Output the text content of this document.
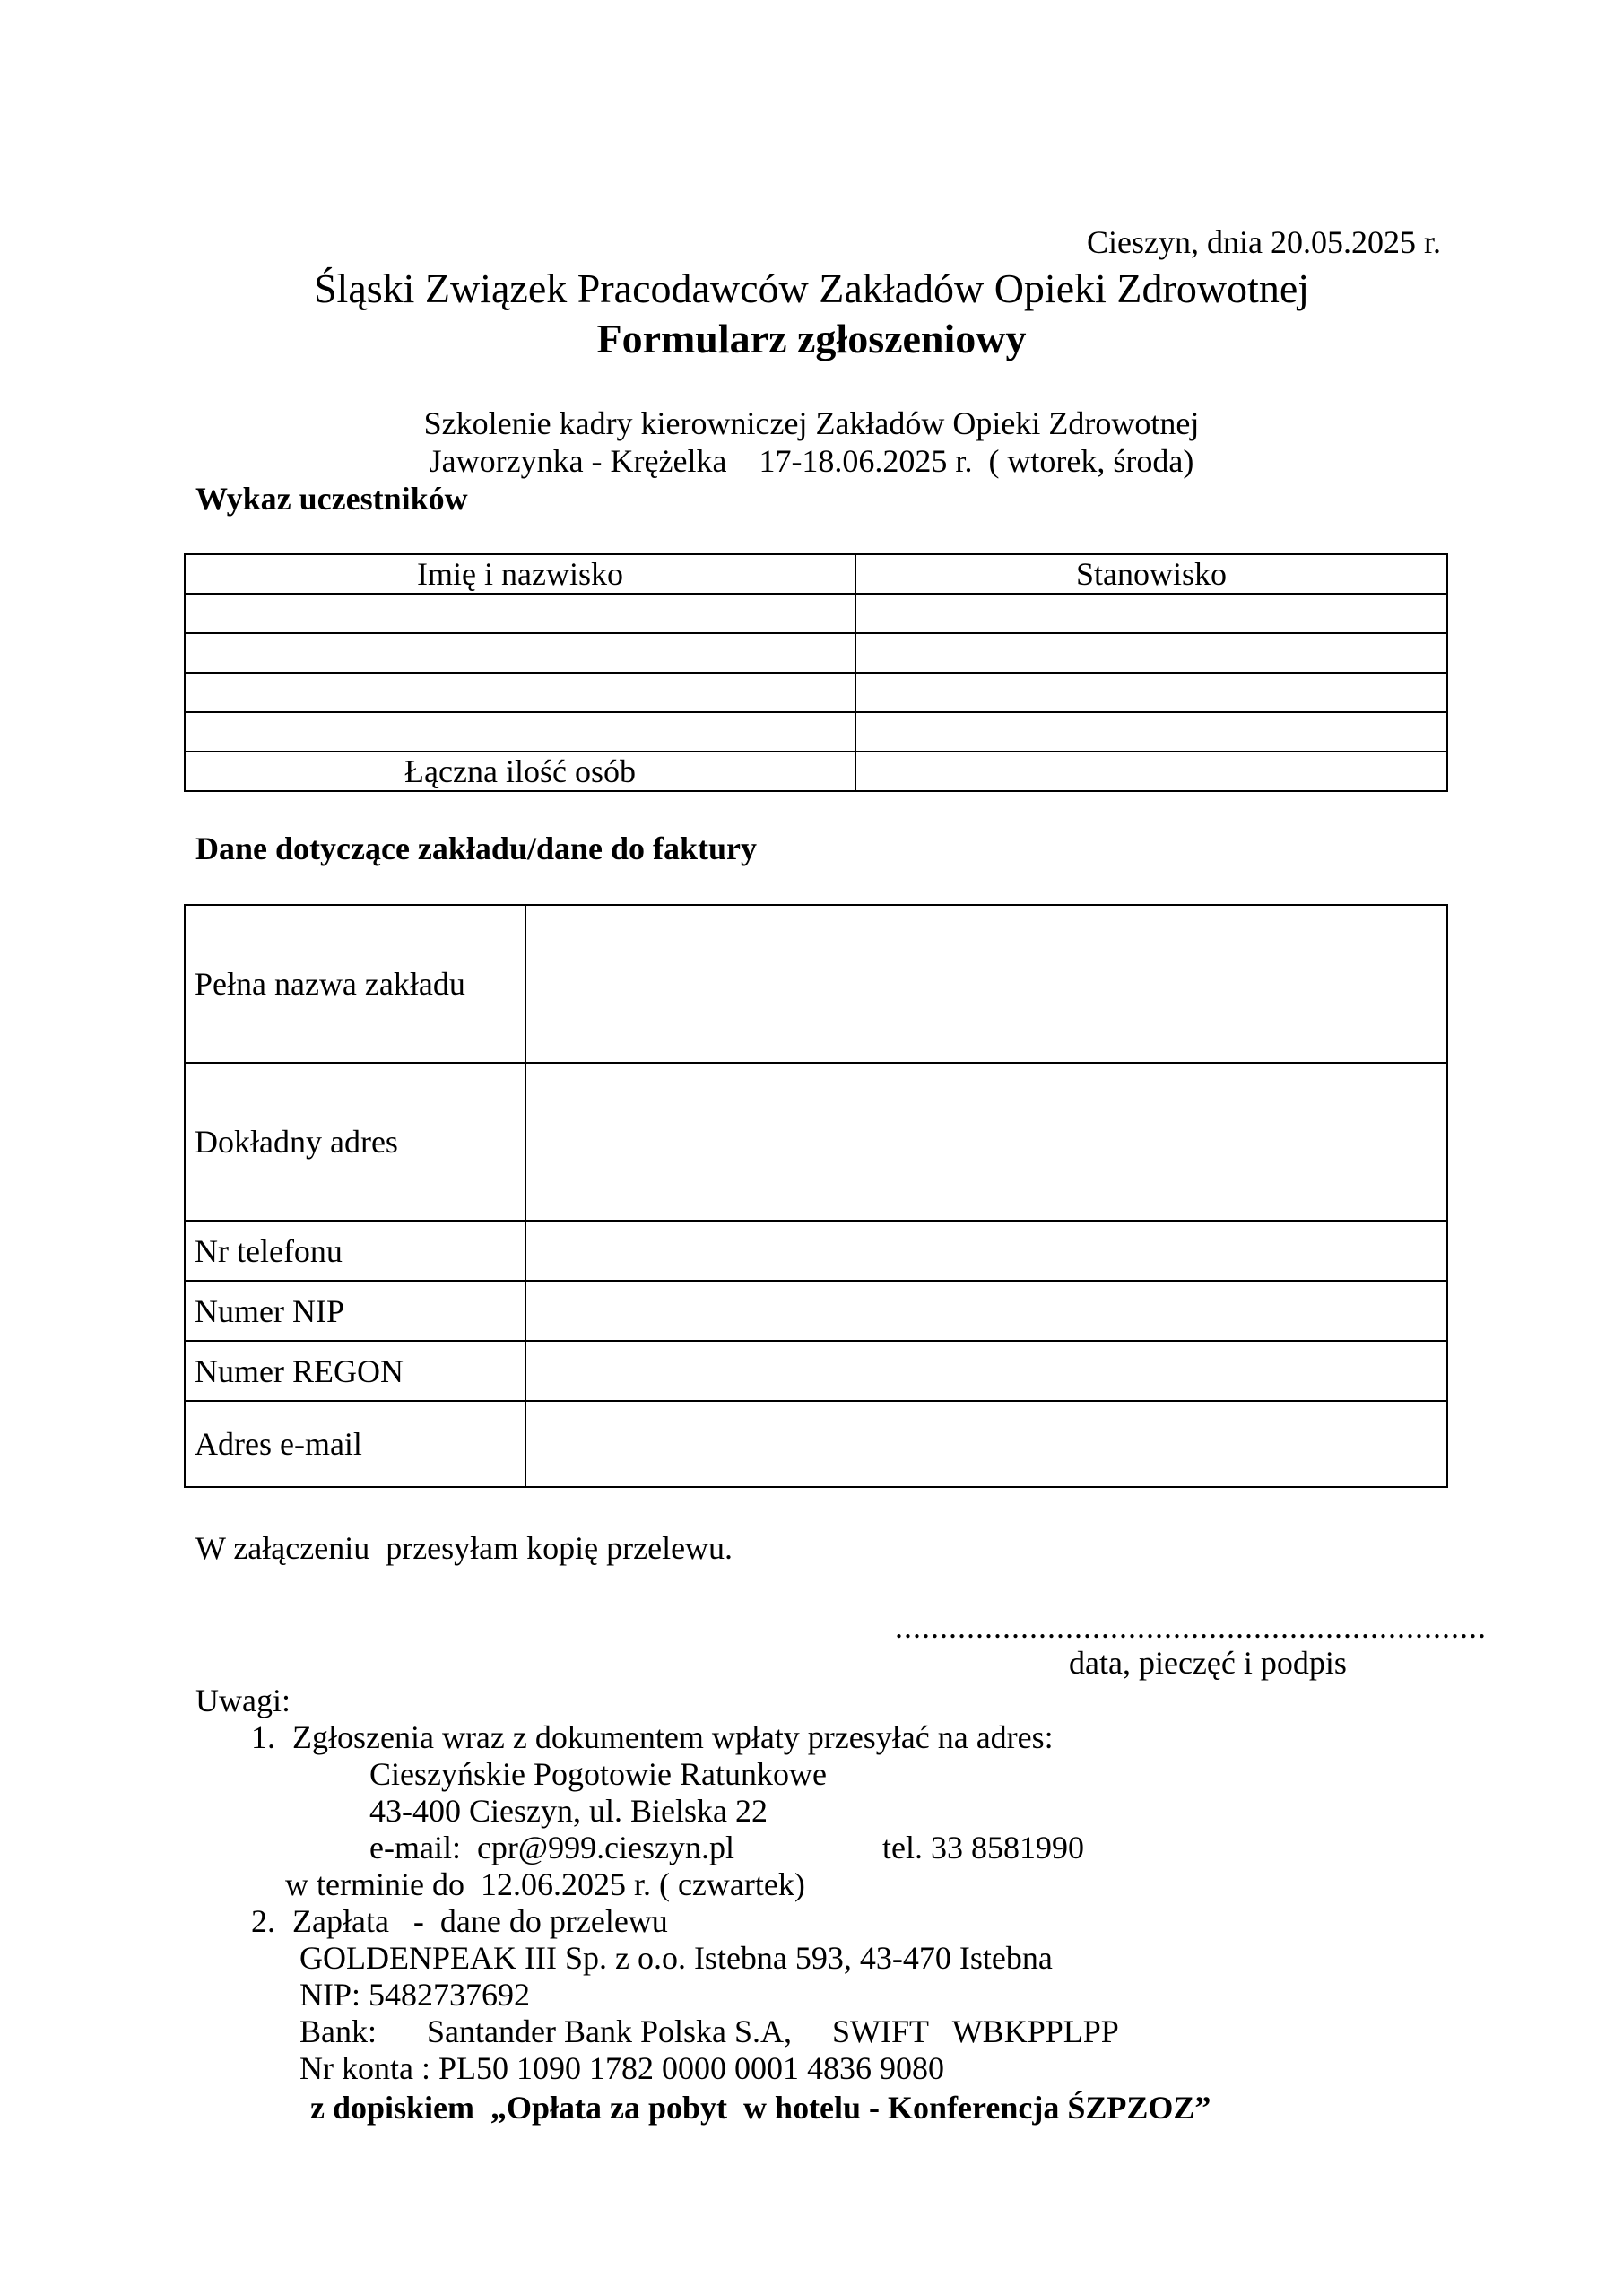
Cieszyn, dnia 20.05.2025 r.
Śląski Związek Pracodawców Zakładów Opieki Zdrowotnej
Formularz zgłoszeniowy
Szkolenie kadry kierowniczej Zakładów Opieki Zdrowotnej
Jaworzynka - Krężelka    17-18.06.2025 r.  ( wtorek, środa)
Wykaz uczestników
Imię i nazwisko	Stanowisko

Łączna ilość osób	
Dane dotyczące zakładu/dane do faktury
Pełna nazwa zakładu	
Dokładny adres	
Nr telefonu	
Numer NIP	
Numer REGON	
Adres e-mail	
W załączeniu  przesyłam kopię przelewu.
..................................................................
data, pieczęć i podpis
Uwagi:
1. Zgłoszenia wraz z dokumentem wpłaty przesyłać na adres:
Cieszyńskie Pogotowie Ratunkowe
43-400 Cieszyn, ul. Bielska 22
e-mail:  cpr@999.cieszyn.pl	tel. 33 8581990
w terminie do  12.06.2025 r. ( czwartek)
2. Zapłata   -  dane do przelewu
GOLDENPEAK III Sp. z o.o. Istebna 593, 43-470 Istebna
NIP: 5482737692
Bank: Santander Bank Polska S.A, SWIFT   WBKPPLPP
Nr konta : PL50 1090 1782 0000 0001 4836 9080
z dopiskiem  „Opłata za pobyt  w hotelu - Konferencja ŚZPZOZ”
